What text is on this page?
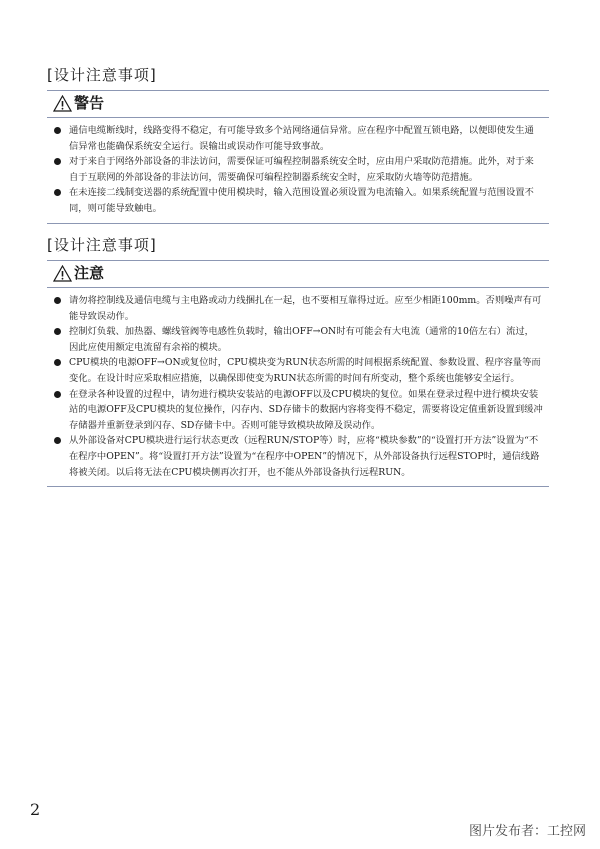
[设计注意事项]
警告
通信电缆断线时，线路变得不稳定，有可能导致多个站网络通信异常。应在程序中配置互锁电路，以便即使发生通信异常也能确保系统安全运行。误输出或误动作可能导致事故。
对于来自于网络外部设备的非法访问，需要保证可编程控制器系统安全时，应由用户采取防范措施。此外，对于来自于互联网的外部设备的非法访问，需要确保可编程控制器系统安全时，应采取防火墙等防范措施。
在未连接二线制变送器的系统配置中使用模块时，输入范围设置必须设置为电流输入。如果系统配置与范围设置不同，则可能导致触电。
[设计注意事项]
注意
请勿将控制线及通信电缆与主电路或动力线捆扎在一起，也不要相互靠得过近。应至少相距100mm。否则噪声有可能导致误动作。
控制灯负载、加热器、螺线管阀等电感性负载时，输出OFF→ON时有可能会有大电流（通常的10倍左右）流过，因此应使用额定电流留有余裕的模块。
CPU模块的电源OFF→ON或复位时，CPU模块变为RUN状态所需的时间根据系统配置、参数设置、程序容量等而变化。在设计时应采取相应措施，以确保即使变为RUN状态所需的时间有所变动，整个系统也能够安全运行。
在登录各种设置的过程中，请勿进行模块安装站的电源OFF以及CPU模块的复位。如果在登录过程中进行模块安装站的电源OFF及CPU模块的复位操作，闪存内、SD存储卡的数据内容将变得不稳定，需要将设定值重新设置到缓冲存储器并重新登录到闪存、SD存储卡中。否则可能导致模块故障及误动作。
从外部设备对CPU模块进行运行状态更改（远程RUN/STOP等）时，应将“模块参数”的“设置打开方法”设置为“不在程序中OPEN”。将“设置打开方法”设置为“在程序中OPEN”的情况下，从外部设备执行远程STOP时，通信线路将被关闭。以后将无法在CPU模块侧再次打开，也不能从外部设备执行远程RUN。
2
图片发布者：工控网
